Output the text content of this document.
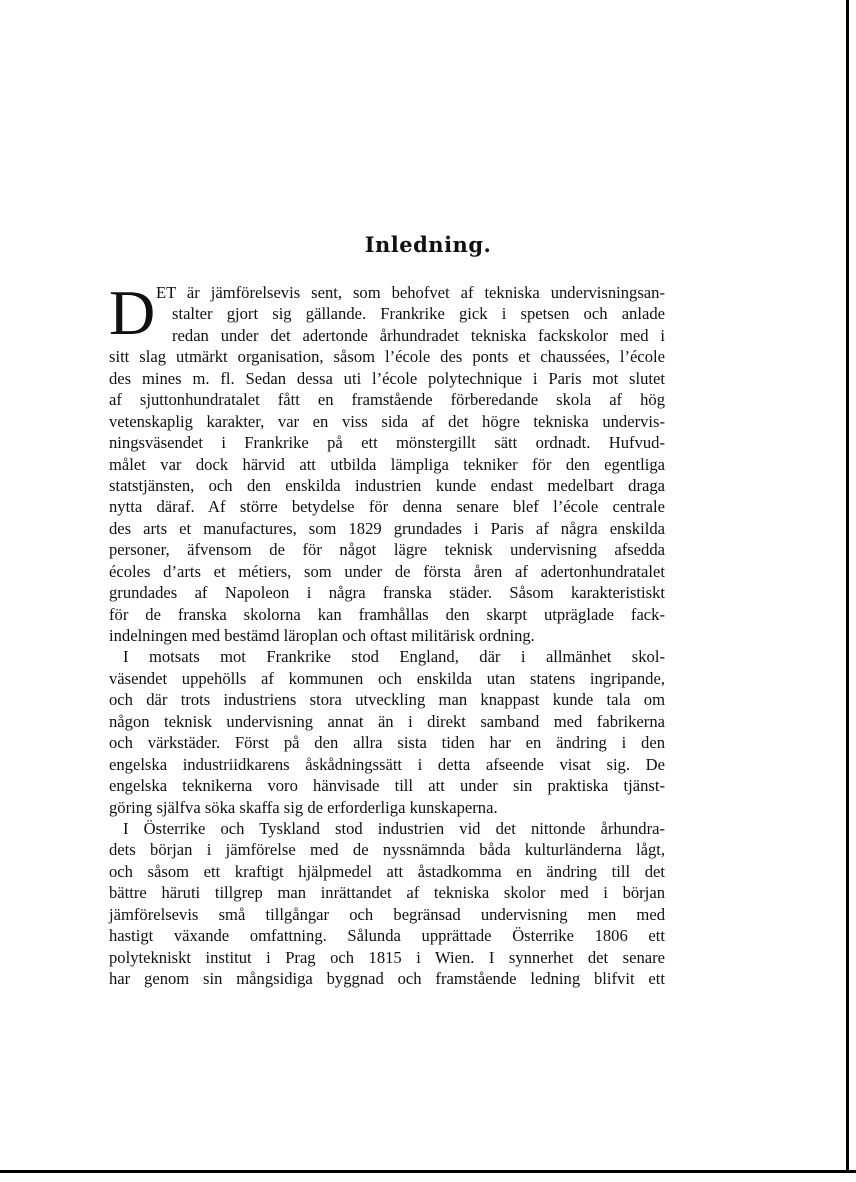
Inledning.
D ET är jämförelsevis sent, som behofvet af tekniska undervisningsan-
stalter gjort sig gällande. Frankrike gick i spetsen och anlade
redan under det adertonde århundradet tekniska fackskolor med i
sitt slag utmärkt organisation, såsom l’école des ponts et chaussées, l’école
des mines m. fl. Sedan dessa uti l’école polytechnique i Paris mot slutet
af sjuttonhundratalet fått en framstående förberedande skola af hög
vetenskaplig karakter, var en viss sida af det högre tekniska undervis-
ningsväsendet i Frankrike på ett mönstergillt sätt ordnadt. Hufvud-
målet var dock härvid att utbilda lämpliga tekniker för den egentliga
statstjänsten, och den enskilda industrien kunde endast medelbart draga
nytta däraf. Af större betydelse för denna senare blef l’école centrale
des arts et manufactures, som 1829 grundades i Paris af några enskilda
personer, äfvensom de för något lägre teknisk undervisning afsedda
écoles d’arts et métiers, som under de första åren af adertonhundratalet
grundades af Napoleon i några franska städer. Såsom karakteristiskt
för de franska skolorna kan framhållas den skarpt utpräglade fack-
indelningen med bestämd läroplan och oftast militärisk ordning.
I motsats mot Frankrike stod England, där i allmänhet skol-
väsendet uppehölls af kommunen och enskilda utan statens ingripande,
och där trots industriens stora utveckling man knappast kunde tala om
någon teknisk undervisning annat än i direkt samband med fabrikerna
och värkstäder. Först på den allra sista tiden har en ändring i den
engelska industriidkarens åskådningssätt i detta afseende visat sig. De
engelska teknikerna voro hänvisade till att under sin praktiska tjänst-
göring själfva söka skaffa sig de erforderliga kunskaperna.
I Österrike och Tyskland stod industrien vid det nittonde århundra-
dets början i jämförelse med de nyssnämnda båda kulturländerna lågt,
och såsom ett kraftigt hjälpmedel att åstadkomma en ändring till det
bättre häruti tillgrep man inrättandet af tekniska skolor med i början
jämförelsevis små tillgångar och begränsad undervisning men med
hastigt växande omfattning. Sålunda upprättade Österrike 1806 ett
polytekniskt institut i Prag och 1815 i Wien. I synnerhet det senare
har genom sin mångsidiga byggnad och framstående ledning blifvit ett
